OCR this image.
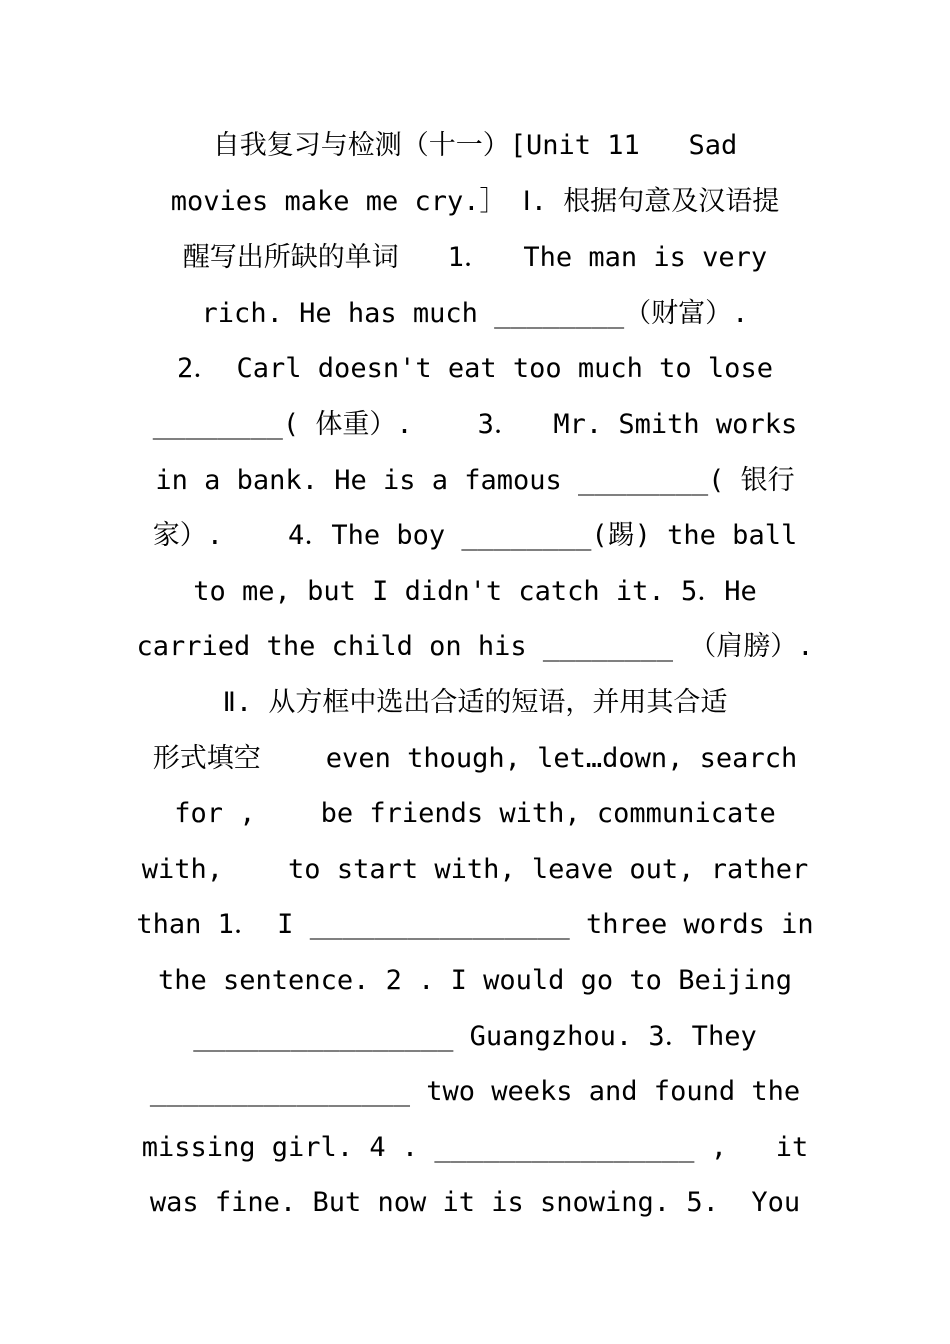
自我复习与检测（十一）[Unit 11   Sad
movies make me cry.］ Ⅰ. 根据句意及汉语提
醒写出所缺的单词   1．  The man is very
rich. He has much ________（财富）.
2． Carl doesn't eat too much to lose
________( 体重）.    3．  Mr. Smith works
in a bank. He is a famous ________( 银行
家）.    4．The boy ________(踢) the ball
to me, but I didn't catch it. 5．He
carried the child on his ________ （肩膀）.
Ⅱ. 从方框中选出合适的短语，并用其合适
形式填空    even though, let…down, search
for ,    be friends with, communicate
with,    to start with, leave out, rather
than 1． I ________________ three words in
the sentence. 2 . I would go to Beijing
________________ Guangzhou. 3．They
________________ two weeks and found the
missing girl. 4 . ________________ ,   it
was fine. But now it is snowing. 5.  You
